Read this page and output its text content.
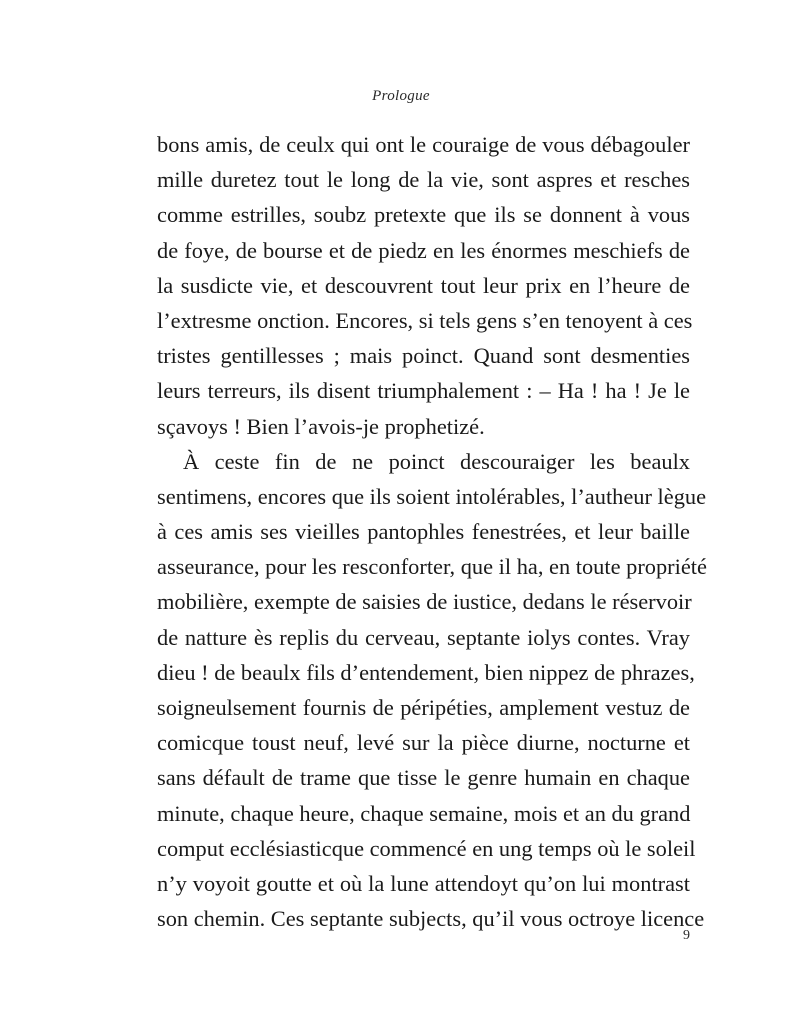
Prologue
bons amis, de ceulx qui ont le couraige de vous débagouler
mille duretez tout le long de la vie, sont aspres et resches
comme estrilles, soubz pretexte que ils se donnent à vous
de foye, de bourse et de piedz en les énormes meschiefs de
la susdicte vie, et descouvrent tout leur prix en l’heure de
l’extresme onction. Encores, si tels gens s’en tenoyent à ces
tristes gentillesses ; mais poinct. Quand sont desmenties
leurs terreurs, ils disent triumphalement : – Ha ! ha ! Je le
sçavoys ! Bien l’avois-je prophetizé.
À ceste fin de ne poinct descouraiger les beaulx
sentimens, encores que ils soient intolérables, l’autheur lègue
à ces amis ses vieilles pantophles fenestrées, et leur baille
asseurance, pour les resconforter, que il ha, en toute propriété
mobilière, exempte de saisies de iustice, dedans le réservoir
de natture ès replis du cerveau, septante iolys contes. Vray
dieu ! de beaulx fils d’entendement, bien nippez de phrazes,
soigneulsement fournis de péripéties, amplement vestuz de
comicque toust neuf, levé sur la pièce diurne, nocturne et
sans défault de trame que tisse le genre humain en chaque
minute, chaque heure, chaque semaine, mois et an du grand
comput ecclésiasticque commencé en ung temps où le soleil
n’y voyoit goutte et où la lune attendoyt qu’on lui montrast
son chemin. Ces septante subjects, qu’il vous octroye licence
9
